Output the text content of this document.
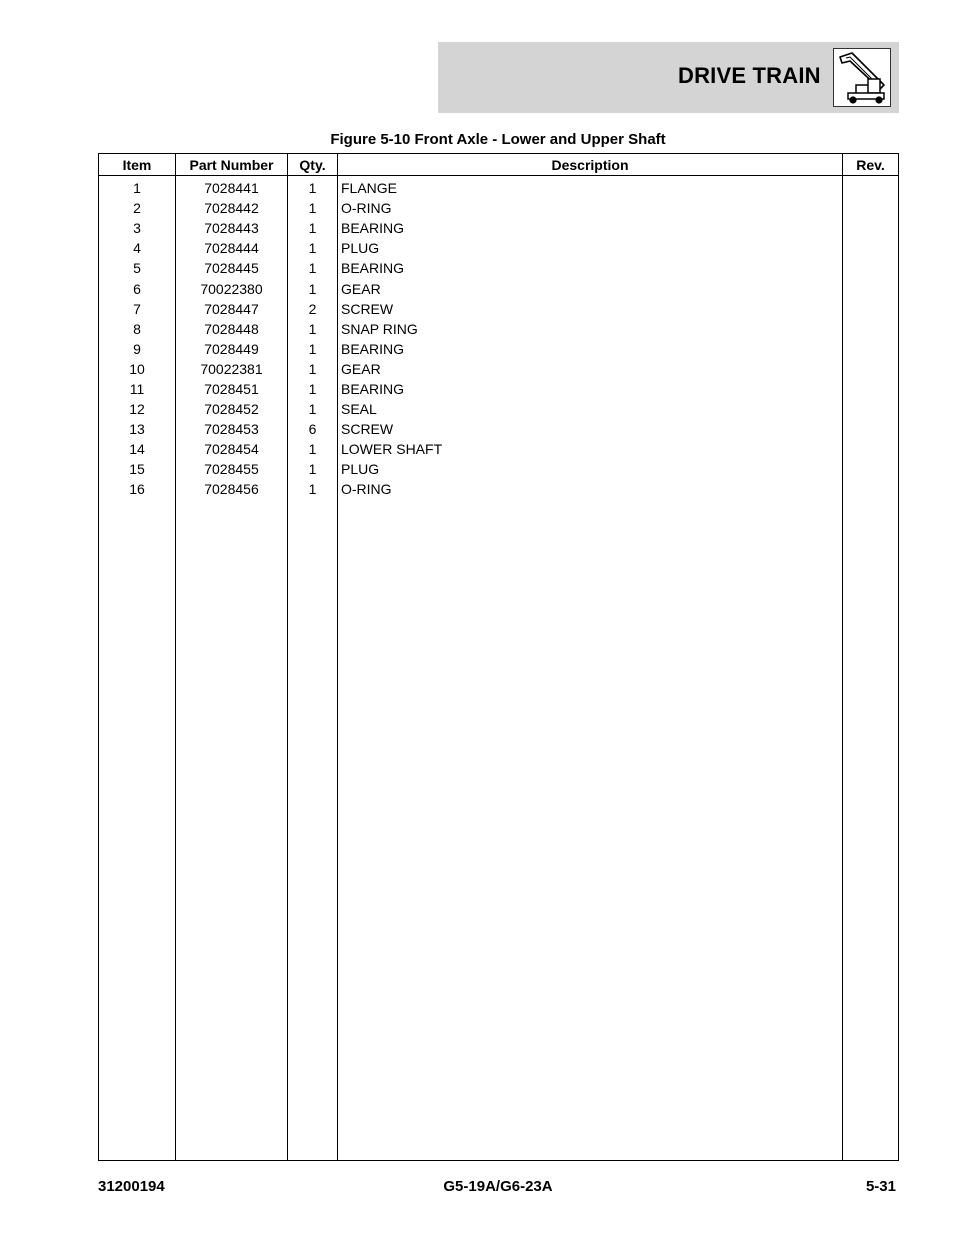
DRIVE TRAIN
Figure 5-10 Front Axle - Lower and Upper Shaft
Item	Part Number	Qty.	Description	Rev.
1	7028441	1	FLANGE	
2	7028442	1	O-RING	
3	7028443	1	BEARING	
4	7028444	1	PLUG	
5	7028445	1	BEARING	
6	70022380	1	GEAR	
7	7028447	2	SCREW	
8	7028448	1	SNAP RING	
9	7028449	1	BEARING	
10	70022381	1	GEAR	
11	7028451	1	BEARING	
12	7028452	1	SEAL	
13	7028453	6	SCREW	
14	7028454	1	LOWER SHAFT	
15	7028455	1	PLUG	
16	7028456	1	O-RING	

31200194	G5-19A/G6-23A	5-31
